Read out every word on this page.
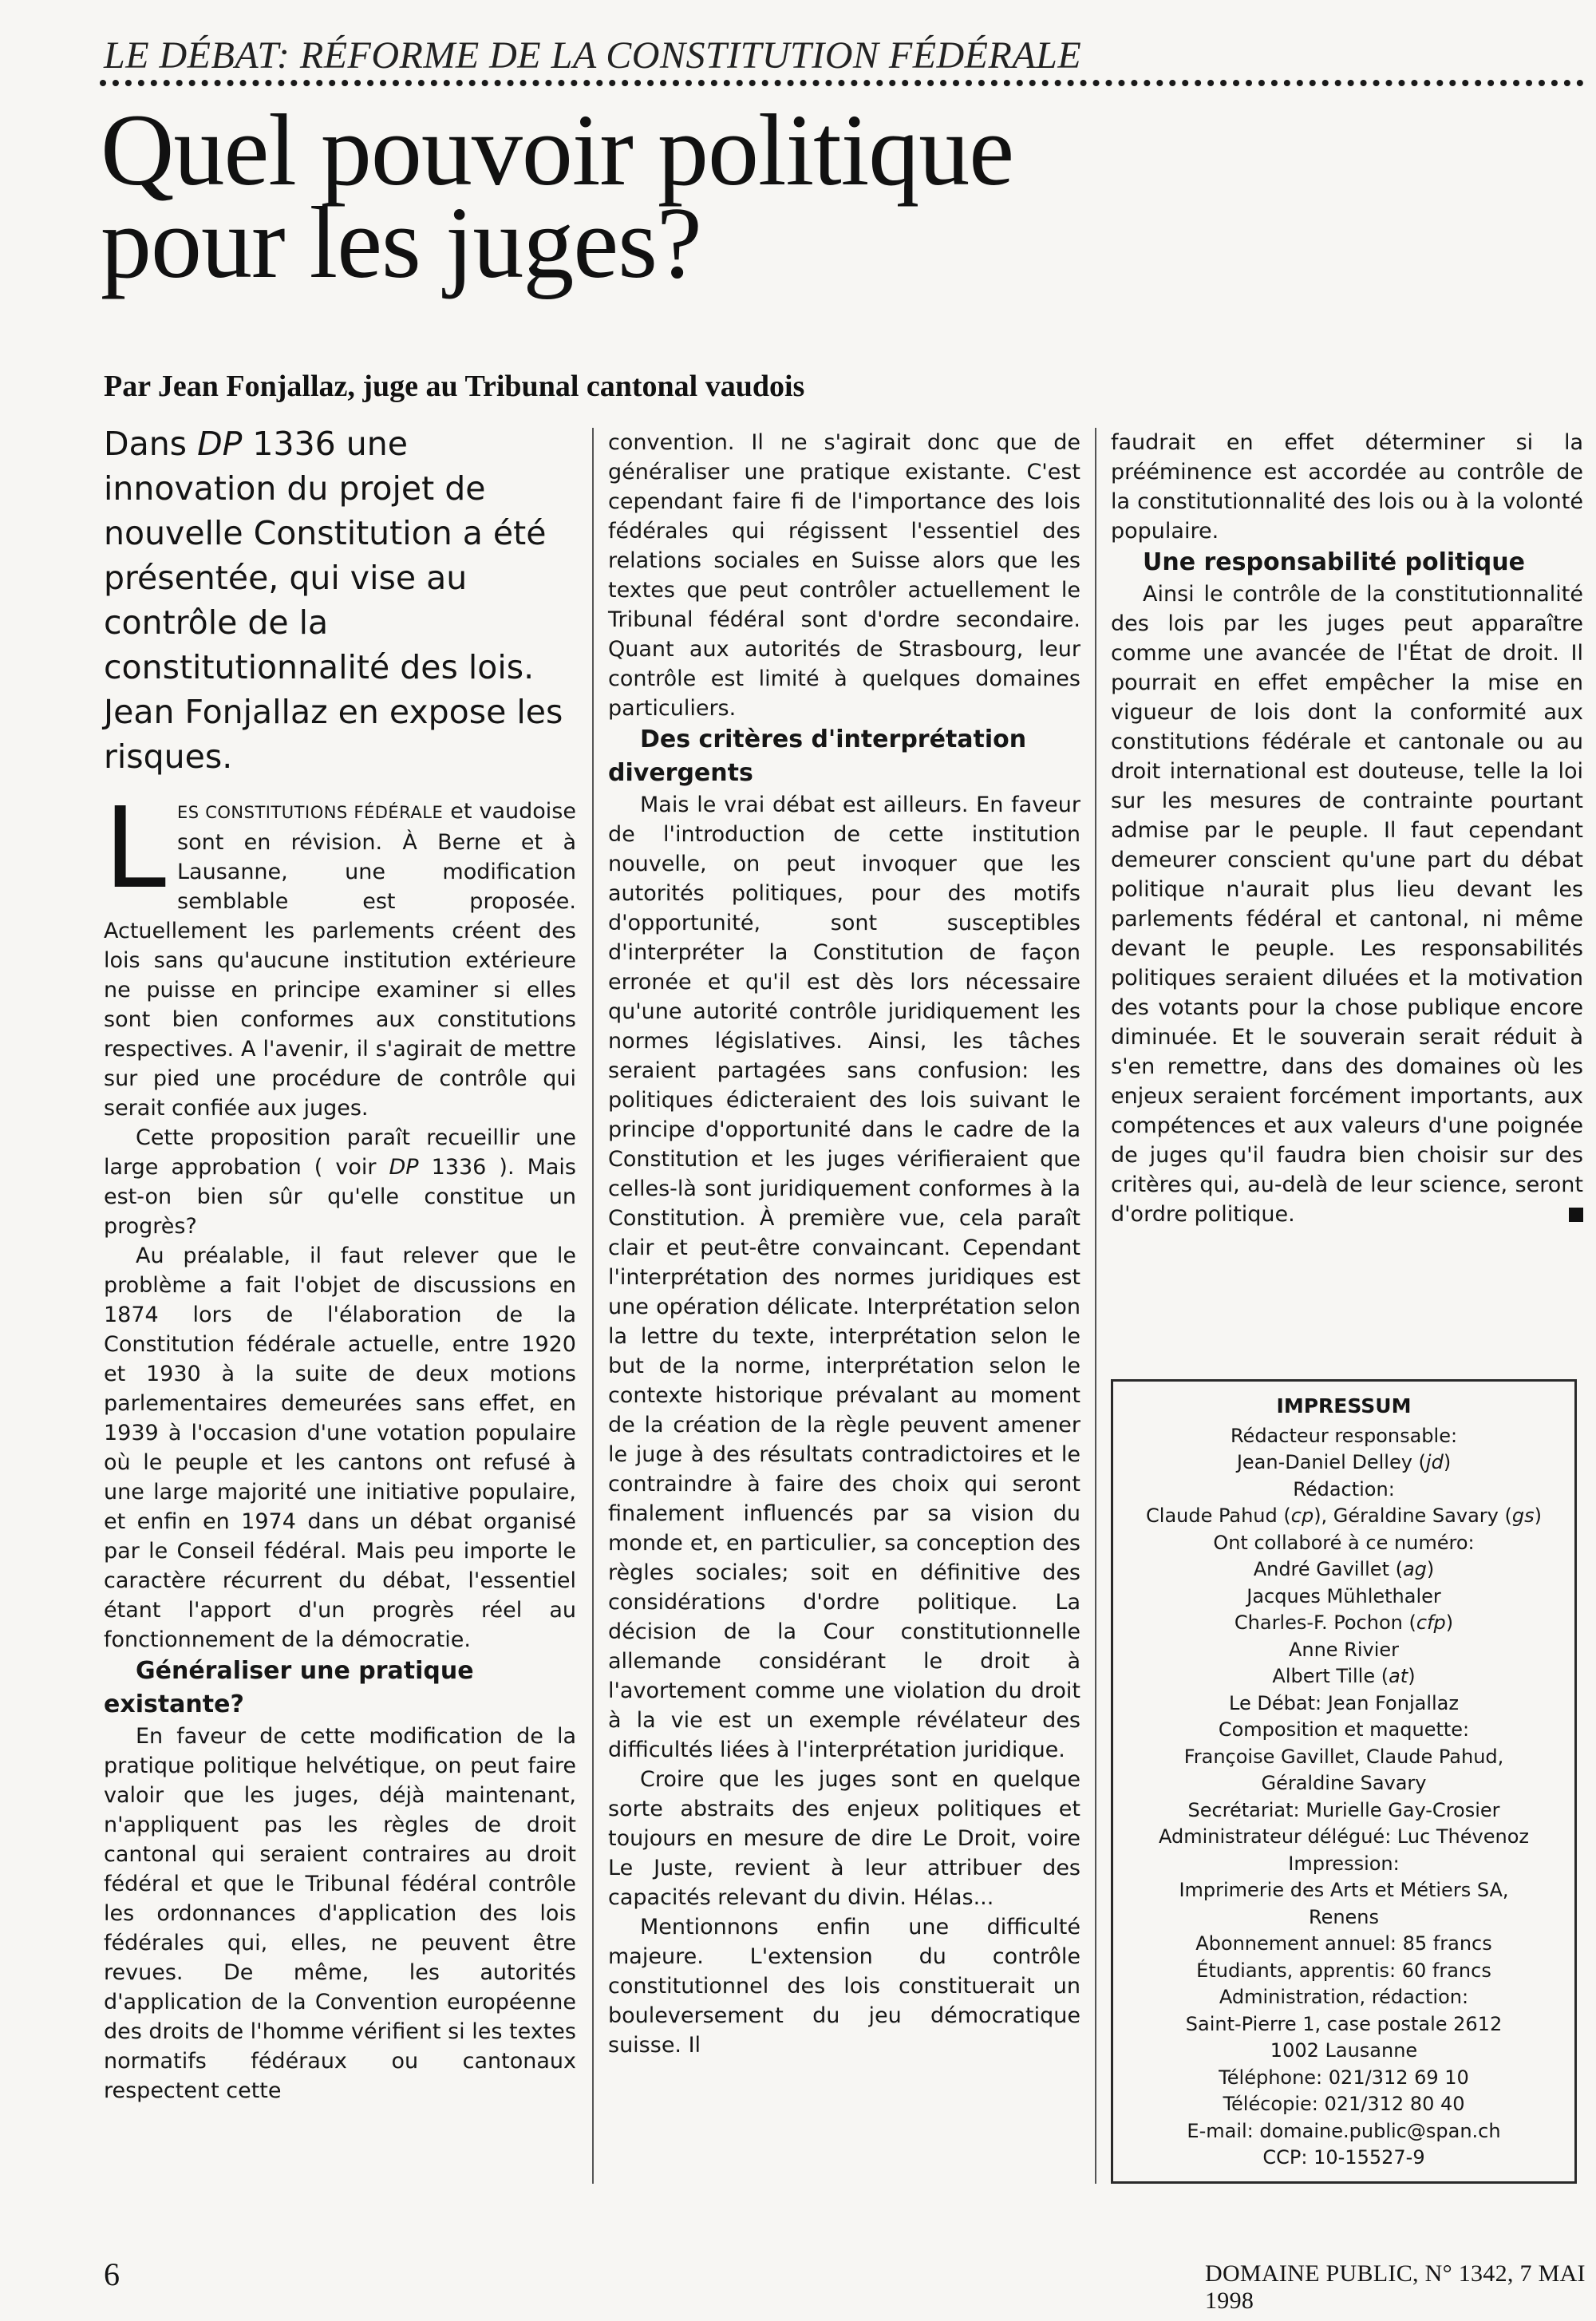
LE DÉBAT: RÉFORME DE LA CONSTITUTION FÉDÉRALE
Quel pouvoir politique
pour les juges?
Par Jean Fonjallaz, juge au Tribunal cantonal vaudois

Dans DP 1336 une innovation du projet de nouvelle Constitution a été présentée, qui vise au contrôle de la constitutionnalité des lois. Jean Fonjallaz en expose les risques.

LES CONSTITUTIONS FÉDÉRALE et vaudoise sont en révision. À Berne et à Lausanne, une modification semblable est proposée. Actuellement les parlements créent des lois sans qu'aucune institution extérieure ne puisse en principe examiner si elles sont bien conformes aux constitutions respectives. A l'avenir, il s'agirait de mettre sur pied une procédure de contrôle qui serait confiée aux juges.

Cette proposition paraît recueillir une large approbation ( voir DP 1336 ). Mais est-on bien sûr qu'elle constitue un progrès?

Au préalable, il faut relever que le problème a fait l'objet de discussions en 1874 lors de l'élaboration de la Constitution fédérale actuelle, entre 1920 et 1930 à la suite de deux motions parlementaires demeurées sans effet, en 1939 à l'occasion d'une votation populaire où le peuple et les cantons ont refusé à une large majorité une initiative populaire, et enfin en 1974 dans un débat organisé par le Conseil fédéral. Mais peu importe le caractère récurrent du débat, l'essentiel étant l'apport d'un progrès réel au fonctionnement de la démocratie.

Généraliser une pratique existante?

En faveur de cette modification de la pratique politique helvétique, on peut faire valoir que les juges, déjà maintenant, n'appliquent pas les règles de droit cantonal qui seraient contraires au droit fédéral et que le Tribunal fédéral contrôle les ordonnances d'application des lois fédérales qui, elles, ne peuvent être revues. De même, les autorités d'application de la Convention européenne des droits de l'homme vérifient si les textes normatifs fédéraux ou cantonaux respectent cette

convention. Il ne s'agirait donc que de généraliser une pratique existante. C'est cependant faire fi de l'importance des lois fédérales qui régissent l'essentiel des relations sociales en Suisse alors que les textes que peut contrôler actuellement le Tribunal fédéral sont d'ordre secondaire. Quant aux autorités de Strasbourg, leur contrôle est limité à quelques domaines particuliers.

Des critères d'interprétation divergents

Mais le vrai débat est ailleurs. En faveur de l'introduction de cette institution nouvelle, on peut invoquer que les autorités politiques, pour des motifs d'opportunité, sont susceptibles d'interpréter la Constitution de façon erronée et qu'il est dès lors nécessaire qu'une autorité contrôle juridiquement les normes législatives. Ainsi, les tâches seraient partagées sans confusion: les politiques édicteraient des lois suivant le principe d'opportunité dans le cadre de la Constitution et les juges vérifieraient que celles-là sont juridiquement conformes à la Constitution. À première vue, cela paraît clair et peut-être convaincant. Cependant l'interprétation des normes juridiques est une opération délicate. Interprétation selon la lettre du texte, interprétation selon le but de la norme, interprétation selon le contexte historique prévalant au moment de la création de la règle peuvent amener le juge à des résultats contradictoires et le contraindre à faire des choix qui seront finalement influencés par sa vision du monde et, en particulier, sa conception des règles sociales; soit en définitive des considérations d'ordre politique. La décision de la Cour constitutionnelle allemande considérant le droit à l'avortement comme une violation du droit à la vie est un exemple révélateur des difficultés liées à l'interprétation juridique.

Croire que les juges sont en quelque sorte abstraits des enjeux politiques et toujours en mesure de dire Le Droit, voire Le Juste, revient à leur attribuer des capacités relevant du divin. Hélas...

Mentionnons enfin une difficulté majeure. L'extension du contrôle constitutionnel des lois constituerait un bouleversement du jeu démocratique suisse. Il

faudrait en effet déterminer si la prééminence est accordée au contrôle de la constitutionnalité des lois ou à la volonté populaire.

Une responsabilité politique

Ainsi le contrôle de la constitutionnalité des lois par les juges peut apparaître comme une avancée de l'État de droit. Il pourrait en effet empêcher la mise en vigueur de lois dont la conformité aux constitutions fédérale et cantonale ou au droit international est douteuse, telle la loi sur les mesures de contrainte pourtant admise par le peuple. Il faut cependant demeurer conscient qu'une part du débat politique n'aurait plus lieu devant les parlements fédéral et cantonal, ni même devant le peuple. Les responsabilités politiques seraient diluées et la motivation des votants pour la chose publique encore diminuée. Et le souverain serait réduit à s'en remettre, dans des domaines où les enjeux seraient forcément importants, aux compétences et aux valeurs d'une poignée de juges qu'il faudra bien choisir sur des critères qui, au-delà de leur science, seront d'ordre politique.

IMPRESSUM
Rédacteur responsable:
Jean-Daniel Delley (jd)
Rédaction:
Claude Pahud (cp), Géraldine Savary (gs)
Ont collaboré à ce numéro:
André Gavillet (ag)
Jacques Mühlethaler
Charles-F. Pochon (cfp)
Anne Rivier
Albert Tille (at)
Le Débat: Jean Fonjallaz
Composition et maquette:
Françoise Gavillet, Claude Pahud,
Géraldine Savary
Secrétariat: Murielle Gay-Crosier
Administrateur délégué: Luc Thévenoz
Impression:
Imprimerie des Arts et Métiers SA,
Renens
Abonnement annuel: 85 francs
Étudiants, apprentis: 60 francs
Administration, rédaction:
Saint-Pierre 1, case postale 2612
1002 Lausanne
Téléphone: 021/312 69 10
Télécopie: 021/312 80 40
E-mail: domaine.public@span.ch
CCP: 10-15527-9
6	DOMAINE PUBLIC, N° 1342, 7 MAI 1998
